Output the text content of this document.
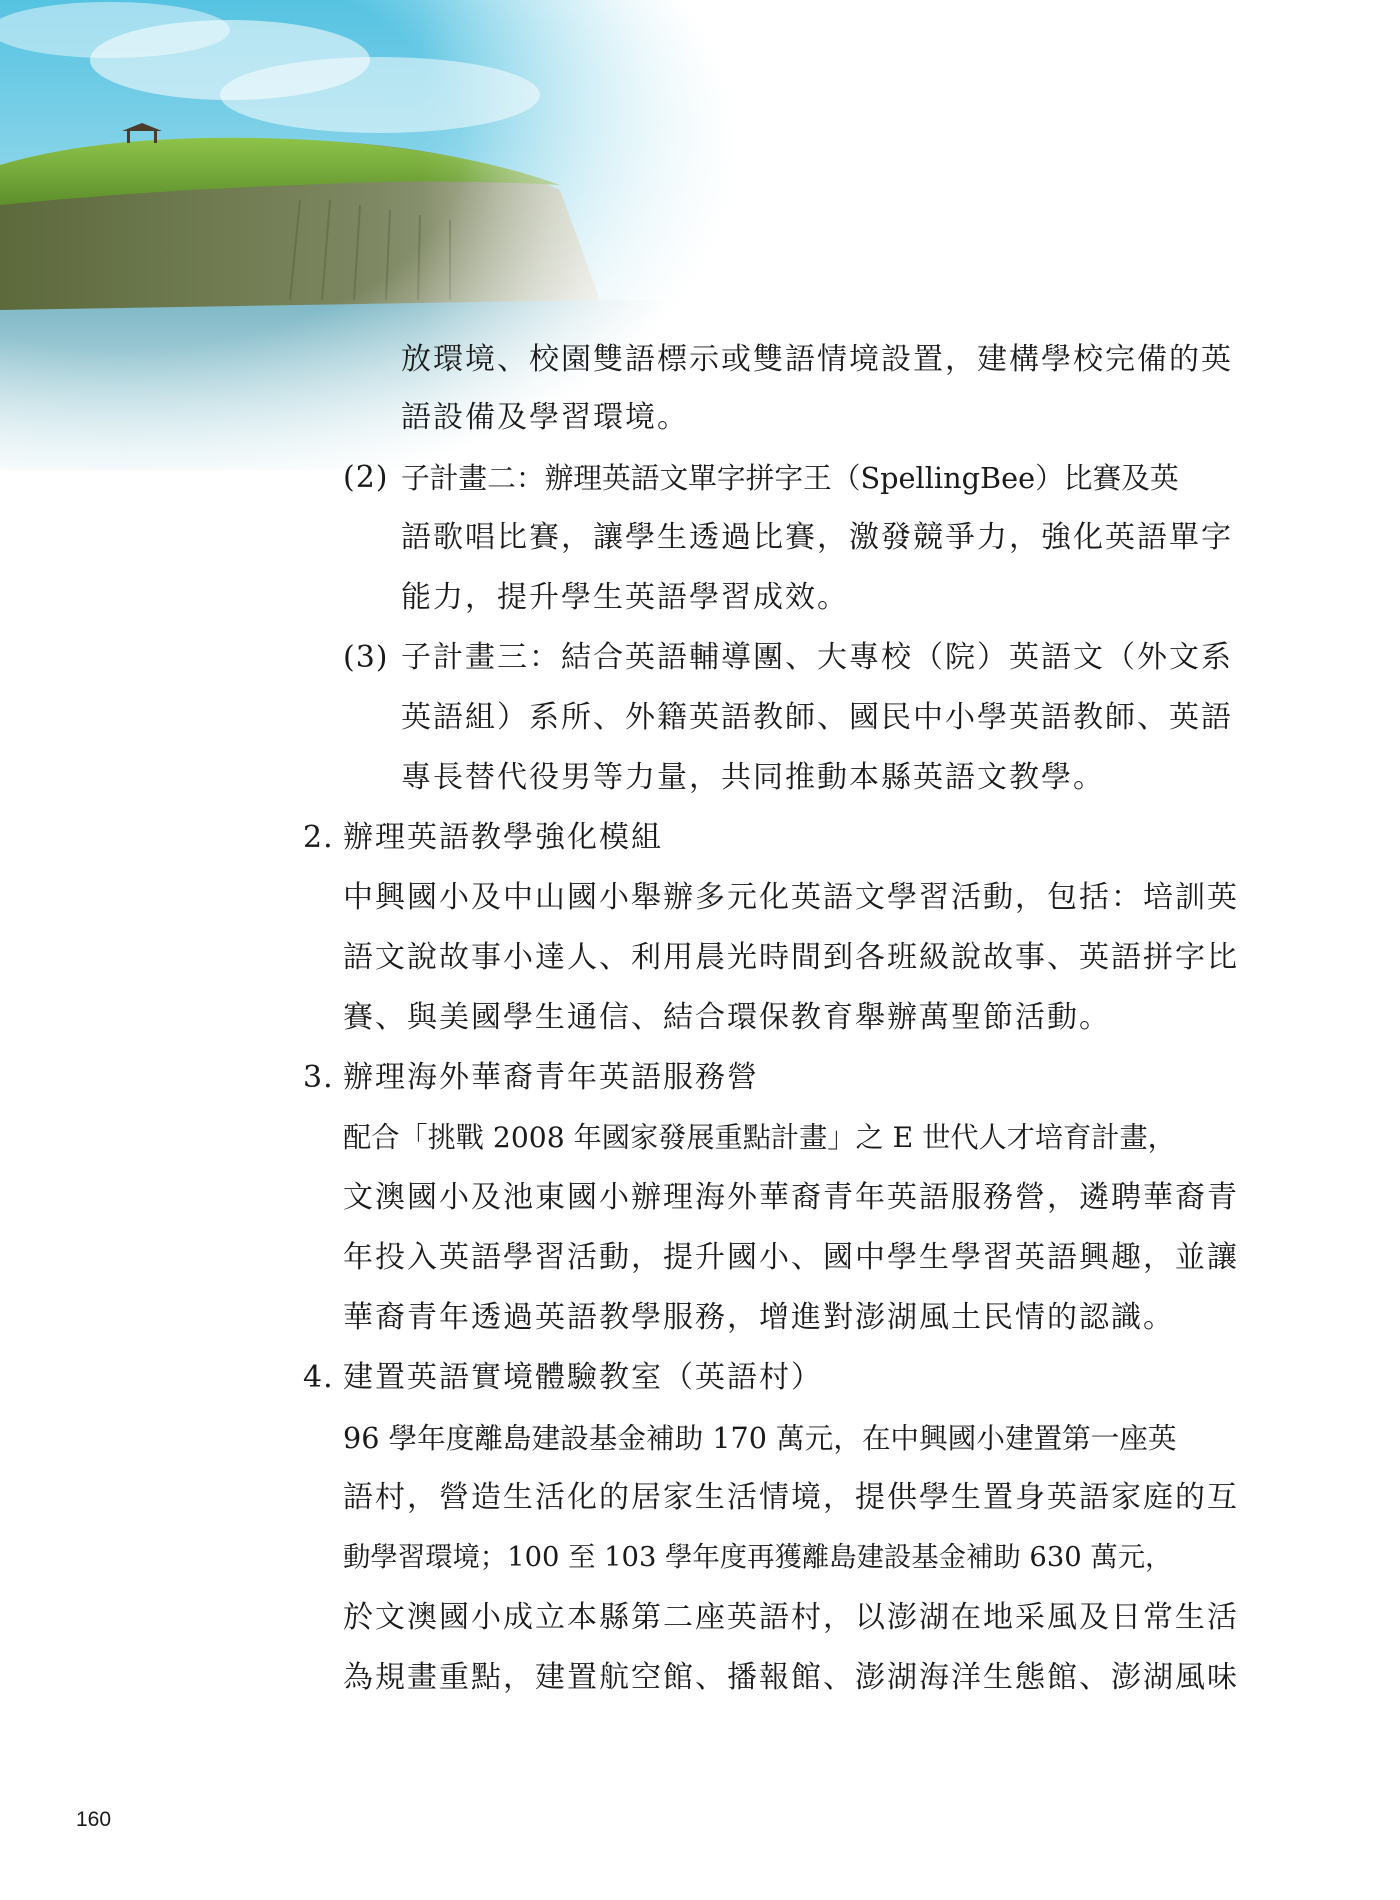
放環境、校園雙語標示或雙語情境設置，建構學校完備的英

語設備及學習環境。

(2) 子計畫二：辦理英語文單字拼字王（SpellingBee）比賽及英

語歌唱比賽，讓學生透過比賽，激發競爭力，強化英語單字

能力，提升學生英語學習成效。

(3) 子計畫三：結合英語輔導團、大專校（院）英語文（外文系

英語組）系所、外籍英語教師、國民中小學英語教師、英語

專長替代役男等力量，共同推動本縣英語文教學。

2. 辦理英語教學強化模組

中興國小及中山國小舉辦多元化英語文學習活動，包括：培訓英

語文說故事小達人、利用晨光時間到各班級說故事、英語拼字比

賽、與美國學生通信、結合環保教育舉辦萬聖節活動。

3. 辦理海外華裔青年英語服務營

配合「挑戰 2008 年國家發展重點計畫」之 E 世代人才培育計畫，

文澳國小及池東國小辦理海外華裔青年英語服務營，遴聘華裔青

年投入英語學習活動，提升國小、國中學生學習英語興趣，並讓

華裔青年透過英語教學服務，增進對澎湖風土民情的認識。

4. 建置英語實境體驗教室（英語村）

96 學年度離島建設基金補助 170 萬元，在中興國小建置第一座英

語村，營造生活化的居家生活情境，提供學生置身英語家庭的互

動學習環境；100 至 103 學年度再獲離島建設基金補助 630 萬元，

於文澳國小成立本縣第二座英語村，以澎湖在地采風及日常生活

為規畫重點，建置航空館、播報館、澎湖海洋生態館、澎湖風味

160
